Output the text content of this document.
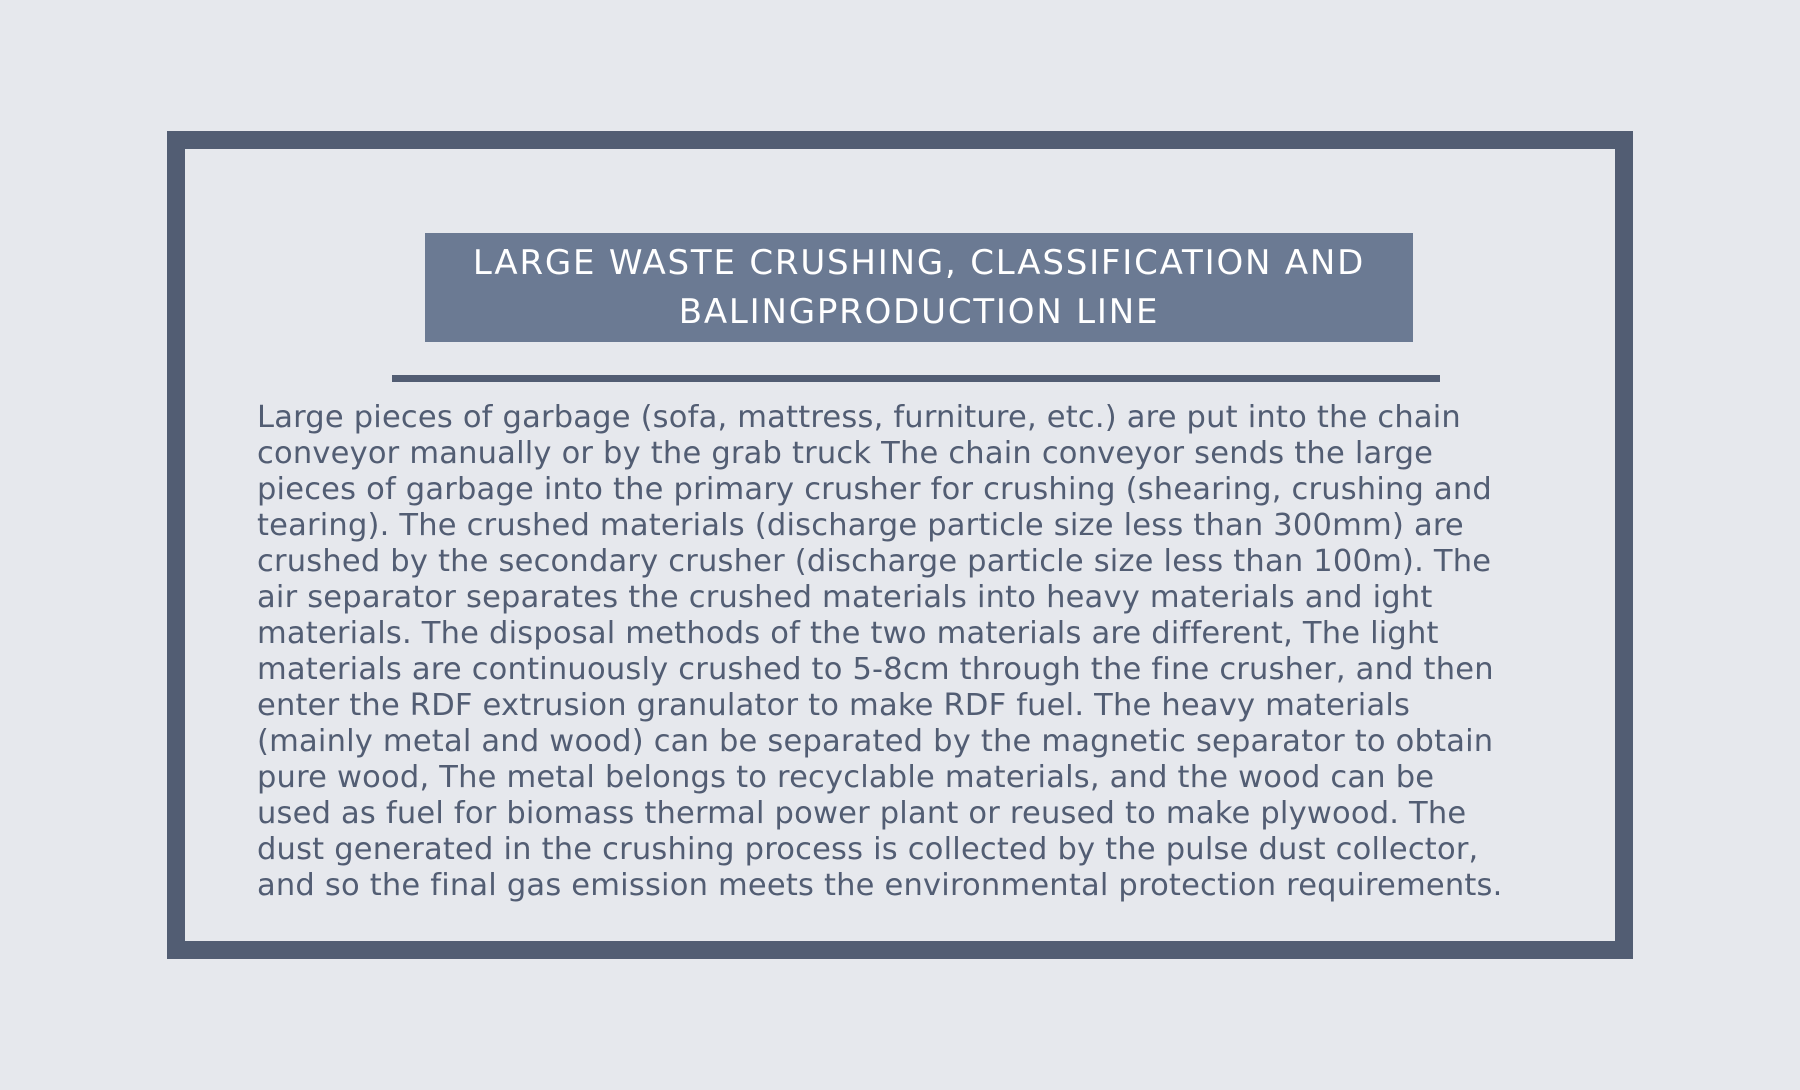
LARGE WASTE CRUSHING, CLASSIFICATION AND BALINGPRODUCTION LINE

Large pieces of garbage (sofa, mattress, furniture, etc.) are put into the chain
conveyor manually or by the grab truck The chain conveyor sends the large
pieces of garbage into the primary crusher for crushing (shearing, crushing and
tearing). The crushed materials (discharge particle size less than 300mm) are
crushed by the secondary crusher (discharge particle size less than 100m). The
air separator separates the crushed materials into heavy materials and ight
materials. The disposal methods of the two materials are different, The light
materials are continuously crushed to 5-8cm through the fine crusher, and then
enter the RDF extrusion granulator to make RDF fuel. The heavy materials
(mainly metal and wood) can be separated by the magnetic separator to obtain
pure wood, The metal belongs to recyclable materials, and the wood can be
used as fuel for biomass thermal power plant or reused to make plywood. The
dust generated in the crushing process is collected by the pulse dust collector,
and so the final gas emission meets the environmental protection requirements.
